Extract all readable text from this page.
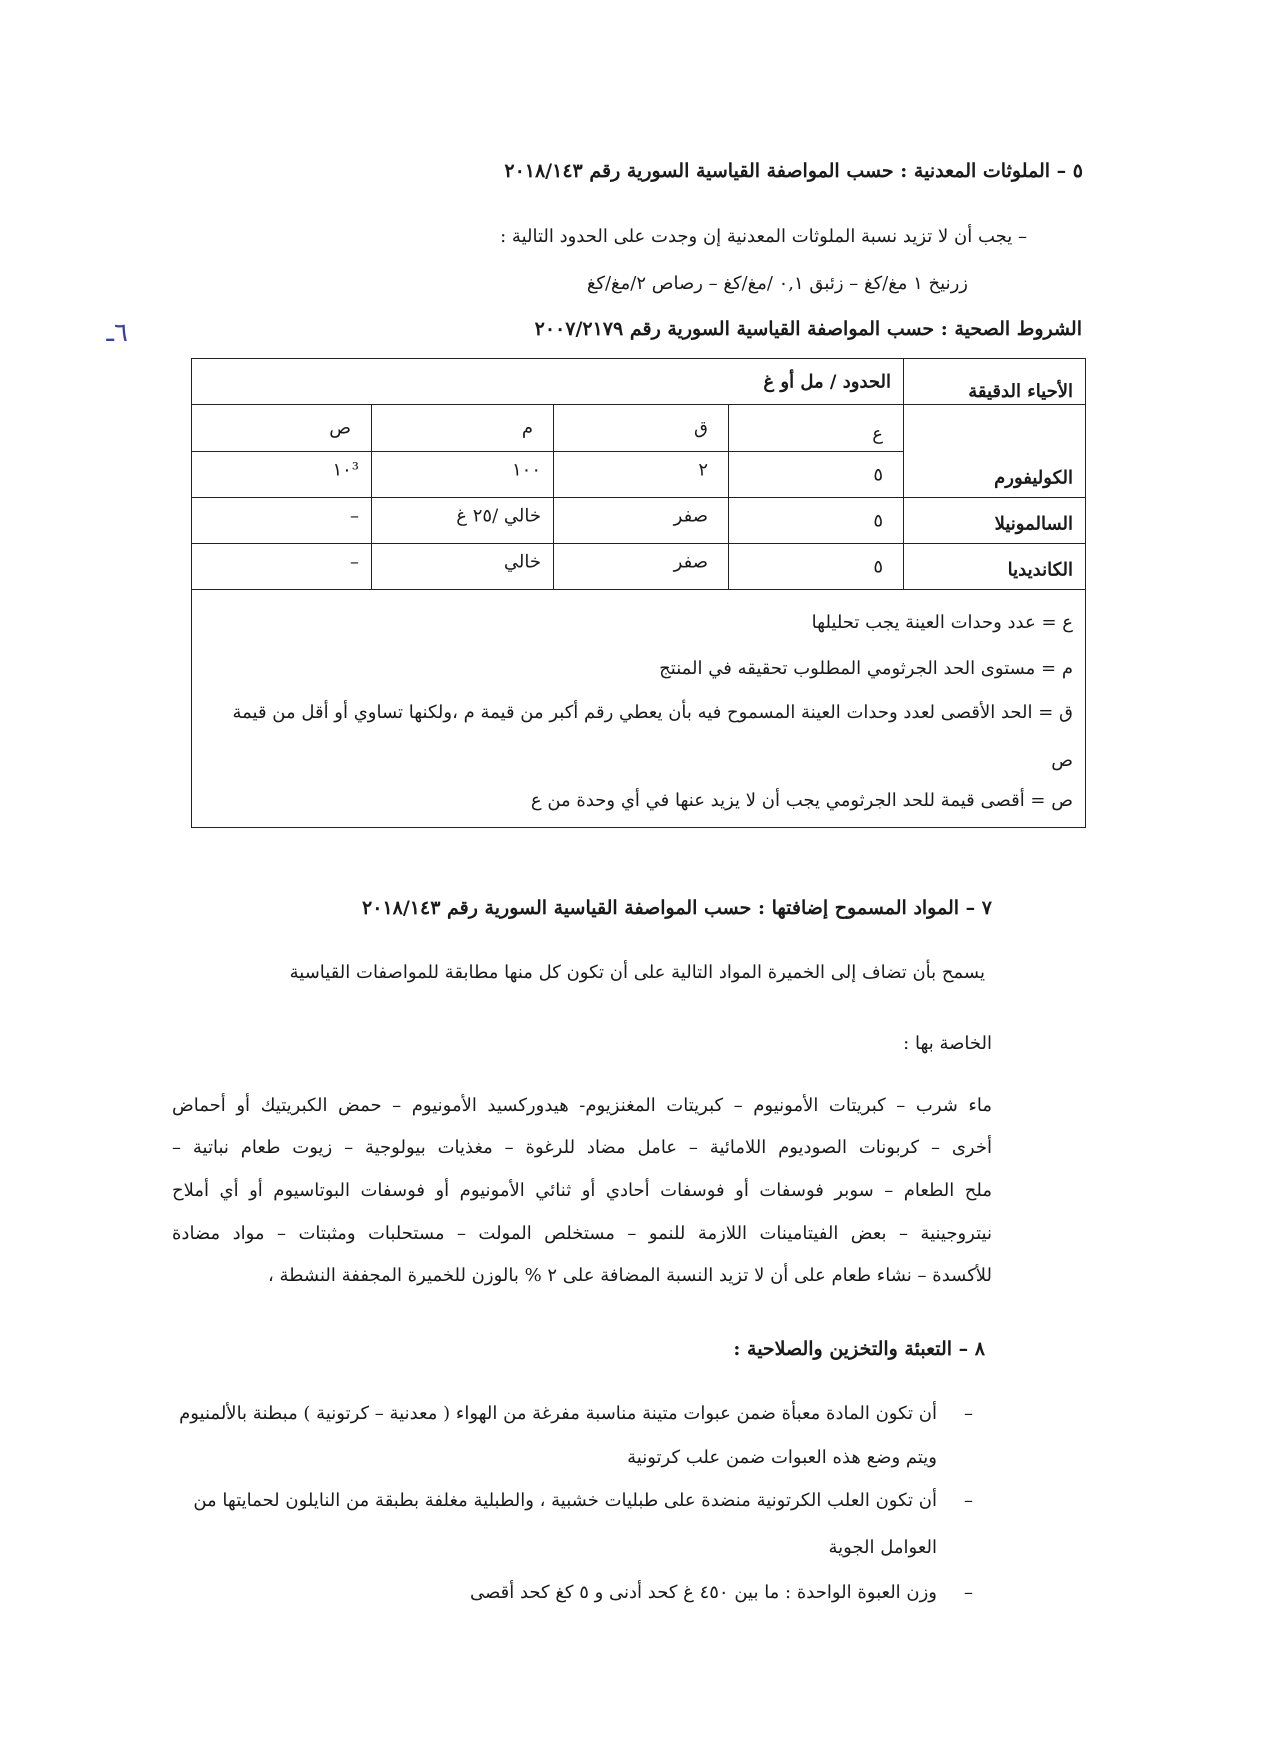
٥ – الملوثات المعدنية : حسب المواصفة القياسية السورية رقم ٢٠١٨/١٤٣
– يجب أن لا تزيد نسبة الملوثات المعدنية إن وجدت على الحدود التالية :
زرنيخ ١ مغ/كغ – زئبق ٠,١ /مغ/كغ – رصاص ٢/مغ/كغ
٦ـ	الشروط الصحية : حسب المواصفة القياسية السورية رقم ٢٠٠٧/٢١٧٩
الأحياء الدقيقة
الحدود / مل أو غ
ع
ق
م
ص
الكوليفورم
٥
٢
١٠٠
١٠³
السالمونيلا
٥
صفر
خالي /٢٥ غ
–
الكانديديا
٥
صفر
خالي
–
ع = عدد وحدات العينة يجب تحليلها
م = مستوى الحد الجرثومي المطلوب تحقيقه في المنتج
ق = الحد الأقصى لعدد وحدات العينة المسموح فيه بأن يعطي رقم أكبر من قيمة م ،ولكنها تساوي أو أقل من قيمة
ص
ص = أقصى قيمة للحد الجرثومي يجب أن لا يزيد عنها في أي وحدة من ع
٧ – المواد المسموح إضافتها : حسب المواصفة القياسية السورية رقم ٢٠١٨/١٤٣
يسمح بأن تضاف إلى الخميرة المواد التالية على أن تكون كل منها مطابقة للمواصفات القياسية
الخاصة بها :
ماء شرب – كبريتات الأمونيوم – كبريتات المغنزيوم- هيدوركسيد الأمونيوم – حمض الكبريتيك أو أحماض
أخرى – كربونات الصوديوم اللامائية – عامل مضاد للرغوة – مغذيات بيولوجية – زيوت طعام نباتية –
ملح الطعام – سوبر فوسفات أو فوسفات أحادي أو ثنائي الأمونيوم أو فوسفات البوتاسيوم أو أي أملاح
نيتروجينية – بعض الفيتامينات اللازمة للنمو – مستخلص المولت – مستحلبات ومثبتات – مواد مضادة
للأكسدة – نشاء طعام على أن لا تزيد النسبة المضافة على ٢ % بالوزن للخميرة المجففة النشطة ،
٨ – التعبئة والتخزين والصلاحية :
–
أن تكون المادة معبأة ضمن عبوات متينة مناسبة مفرغة من الهواء ( معدنية – كرتونية ) مبطنة بالألمنيوم
ويتم وضع هذه العبوات ضمن علب كرتونية
–
أن تكون العلب الكرتونية منضدة على طبليات خشبية ، والطبلية مغلفة بطبقة من النايلون لحمايتها من
العوامل الجوية
–
وزن العبوة الواحدة : ما بين ٤٥٠ غ كحد أدنى و ٥ كغ كحد أقصى
